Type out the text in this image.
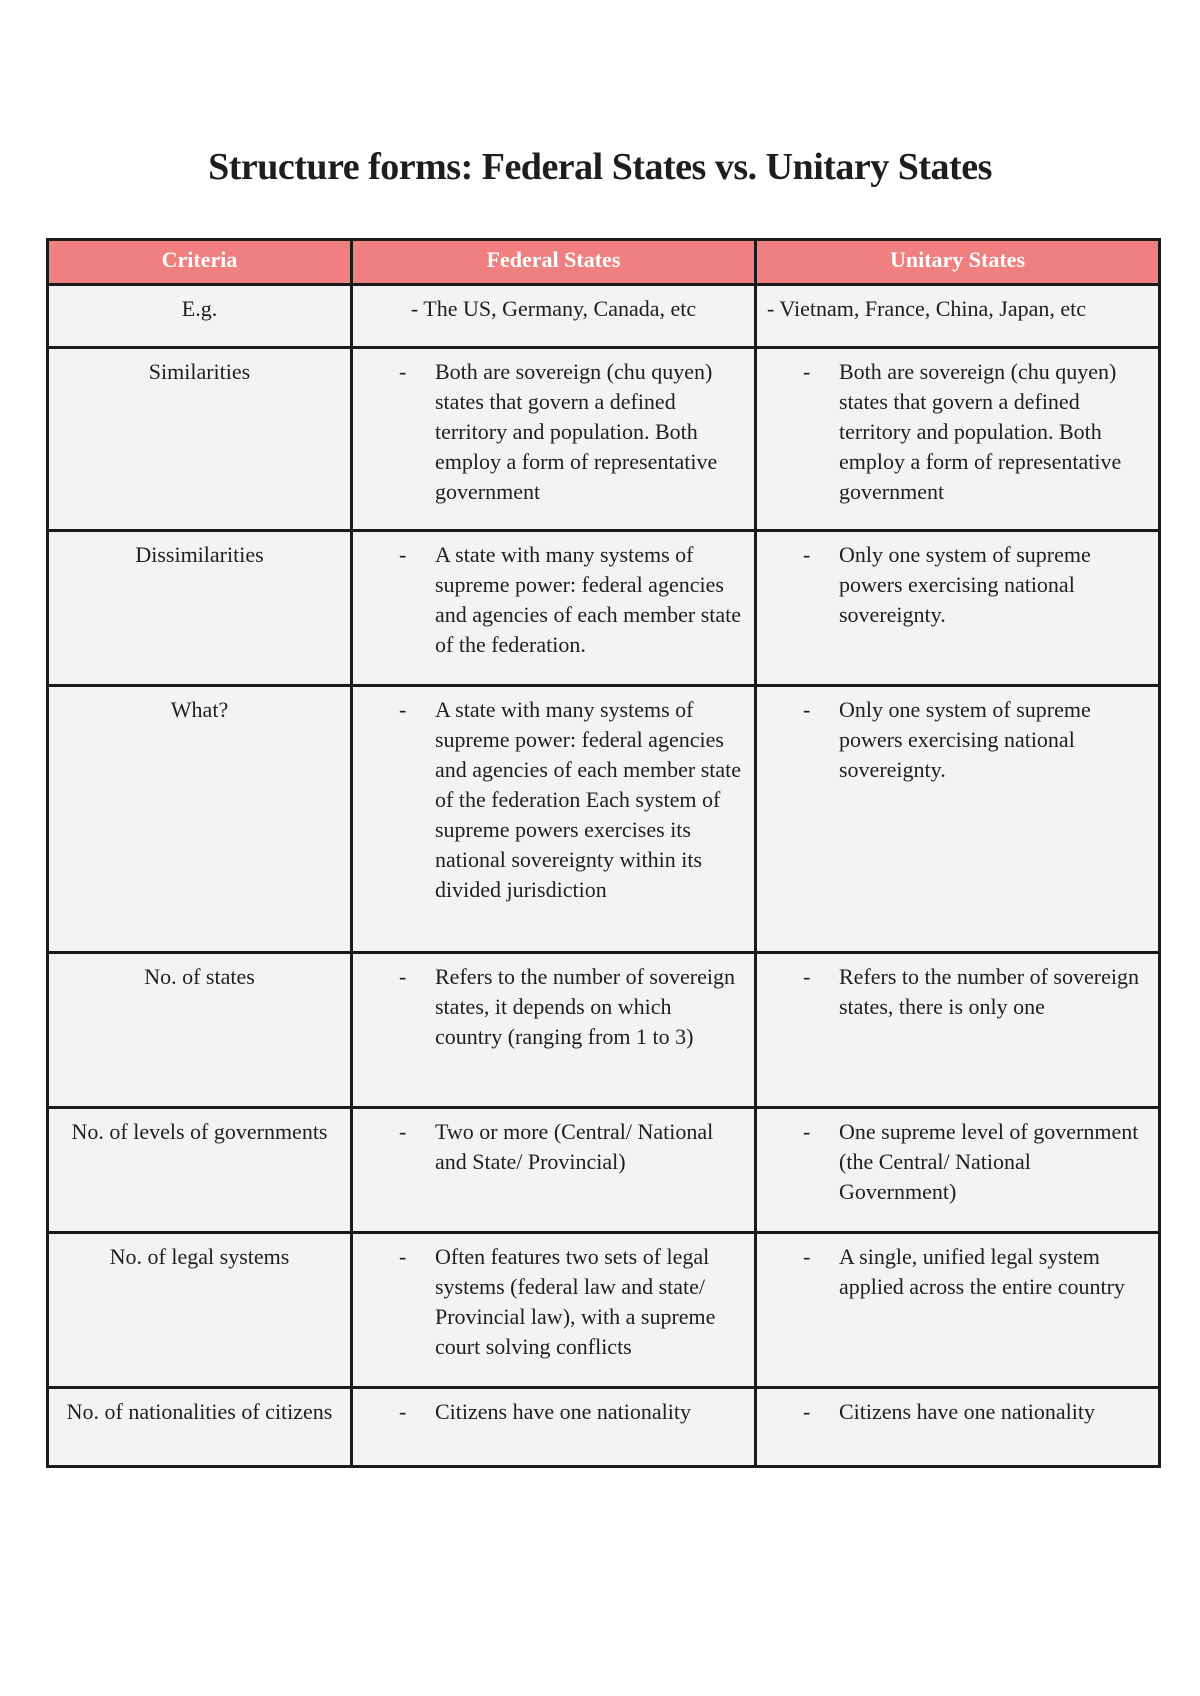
Structure forms: Federal States vs. Unitary States
Criteria	Federal States	Unitary States
E.g.	- The US, Germany, Canada, etc	- Vietnam, France, China, Japan, etc

Similarities	- Both are sovereign (chu quyen) states that govern a defined territory and population. Both employ a form of representative government	- Both are sovereign (chu quyen) states that govern a defined territory and population. Both employ a form of representative government

Dissimilarities	- A state with many systems of supreme power: federal agencies and agencies of each member state of the federation.	- Only one system of supreme powers exercising national sovereignty.

What?	- A state with many systems of supreme power: federal agencies and agencies of each member state of the federation Each system of supreme powers exercises its national sovereignty within its divided jurisdiction	- Only one system of supreme powers exercising national sovereignty.

No. of states	- Refers to the number of sovereign states, it depends on which country (ranging from 1 to 3)	- Refers to the number of sovereign states, there is only one

No. of levels of governments	- Two or more (Central/ National and State/ Provincial)	- One supreme level of government (the Central/ National Government)

No. of legal systems	- Often features two sets of legal systems (federal law and state/ Provincial law), with a supreme court solving conflicts	- A single, unified legal system applied across the entire country

No. of nationalities of citizens	- Citizens have one nationality	- Citizens have one nationality
